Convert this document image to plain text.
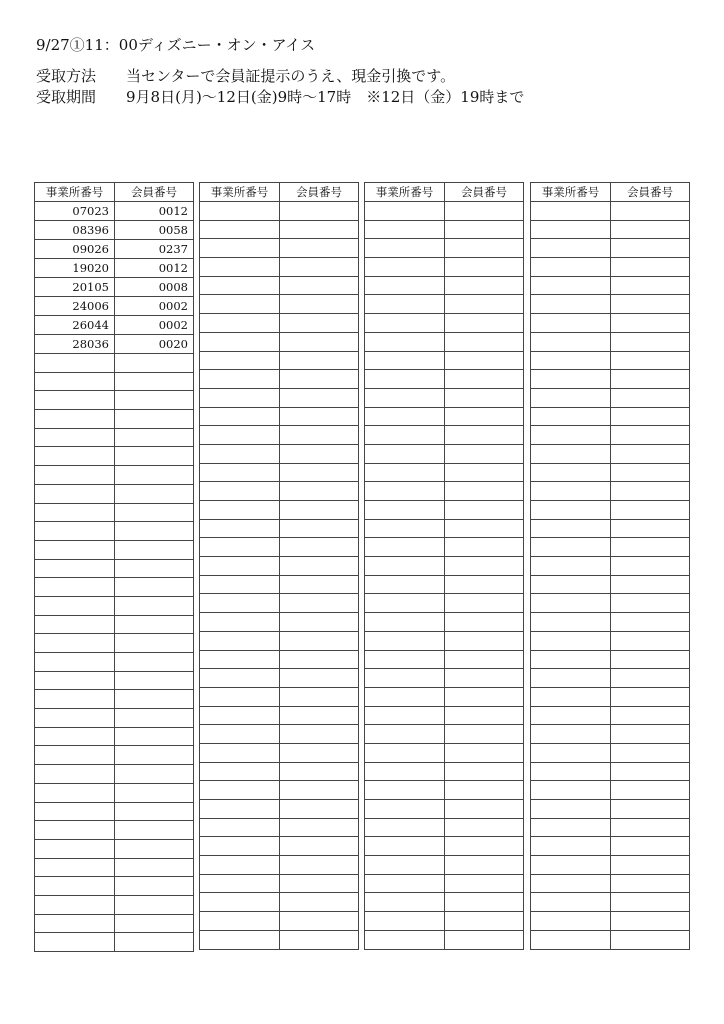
9/27①11：00ディズニー・オン・アイス
受取方法 当センターで会員証提示のうえ、現金引換です。
受取期間 9月8日(月)〜12日(金)9時〜17時　※12日（金）19時まで
事業所番号	会員番号
07023	0012
08396	0058
09026	0237
19020	0012
20105	0008
24006	0002
26044	0002
28036	0020

事業所番号	会員番号

		事業所番号	会員番号

		事業所番号	会員番号
